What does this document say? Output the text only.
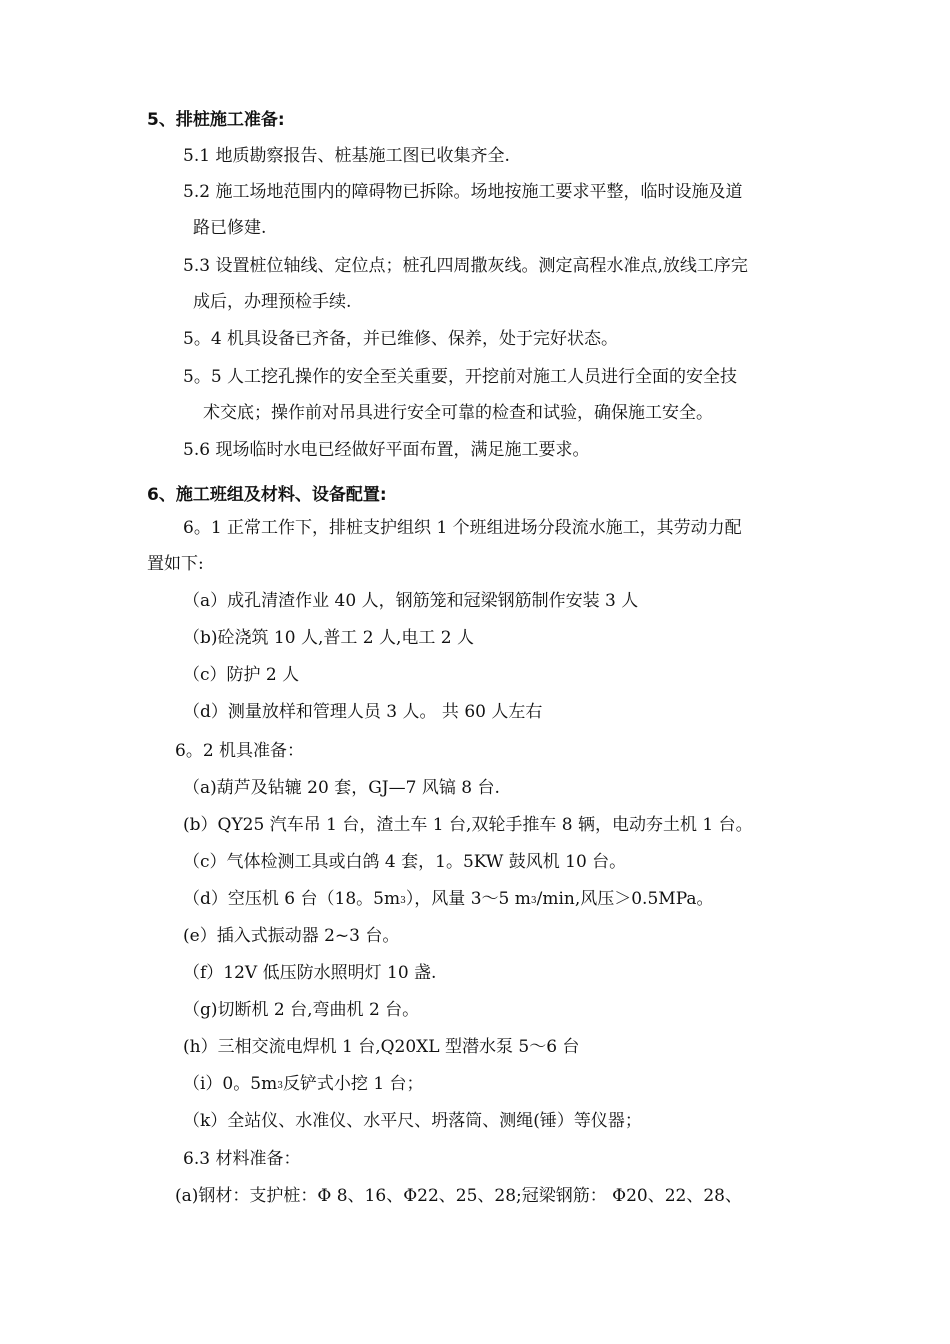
5、排桩施工准备:
5.1 地质勘察报告、桩基施工图已收集齐全.
5.2 施工场地范围内的障碍物已拆除。场地按施工要求平整，临时设施及道
路已修建.
5.3 设置桩位轴线、定位点；桩孔四周撒灰线。测定高程水准点,放线工序完
成后，办理预检手续.
5。4 机具设备已齐备，并已维修、保养，处于完好状态。
5。5 人工挖孔操作的安全至关重要，开挖前对施工人员进行全面的安全技
术交底；操作前对吊具进行安全可靠的检查和试验，确保施工安全。
5.6 现场临时水电已经做好平面布置，满足施工要求。
6、施工班组及材料、设备配置:
6。1 正常工作下，排桩支护组织 1 个班组进场分段流水施工，其劳动力配
置如下:
（a）成孔清渣作业 40 人，钢筋笼和冠梁钢筋制作安装 3 人
（b)砼浇筑 10 人,普工 2 人,电工 2 人
（c）防护 2 人
（d）测量放样和管理人员 3 人。 共 60 人左右
6。2 机具准备：
（a)葫芦及钻辘 20 套，GJ—7 风镐 8 台.
(b）QY25 汽车吊 1 台，渣土车 1 台,双轮手推车 8 辆，电动夯土机 1 台。
（c）气体检测工具或白鸽 4 套，1。5KW 鼓风机 10 台。
（d）空压机 6 台（18。$5m_3$），风量 3～5 $m_3/\min$,风压＞0.5MPa。
(e）插入式振动器 2~3 台。
（f）12V 低压防水照明灯 10 盏.
（g)切断机 2 台,弯曲机 2 台。
(h）三相交流电焊机 1 台,Q20XL 型潜水泵 5～6 台
（i）0。$5m_3$反铲式小挖 1 台；
（k）全站仪、水准仪、水平尺、坍落筒、测绳(锤）等仪器；
6.3 材料准备：
(a)钢材：支护桩：Φ 8、16、Φ22、25、28;冠梁钢筋： Φ20、22、28、
